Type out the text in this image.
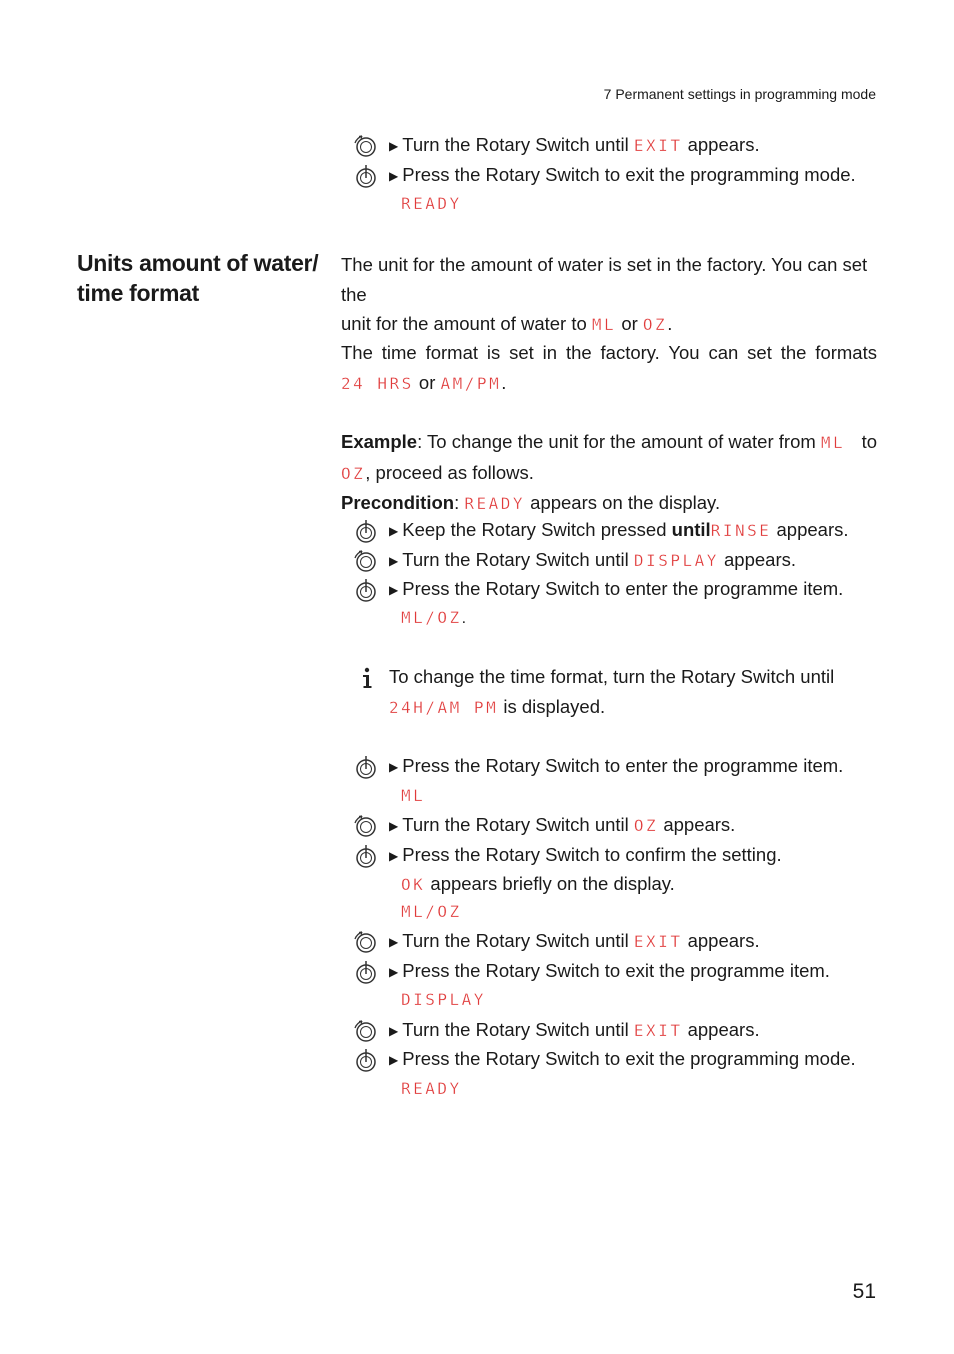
7 Permanent settings in programming mode
Units amount of water/
time format
▶ Turn the Rotary Switch until EXIT appears.
▶ Press the Rotary Switch to exit the programming mode.
READY
The unit for the amount of water is set in the factory. You can set the
unit for the amount of water to ML or OZ.
The time format is set in the factory. You can set the formats
24 HRS or AM/PM.
Example: To change the unit for the amount of water from ML to
OZ, proceed as follows.
Precondition: READY appears on the display.
▶ Keep the Rotary Switch pressed untilRINSE appears.
▶ Turn the Rotary Switch until DISPLAY appears.
▶ Press the Rotary Switch to enter the programme item.
ML/OZ.
To change the time format, turn the Rotary Switch until
24H/AM PM is displayed.
▶ Press the Rotary Switch to enter the programme item.
ML
▶ Turn the Rotary Switch until OZ appears.
▶ Press the Rotary Switch to confirm the setting.
OK appears briefly on the display.
ML/OZ
▶ Turn the Rotary Switch until EXIT appears.
▶ Press the Rotary Switch to exit the programme item.
DISPLAY
▶ Turn the Rotary Switch until EXIT appears.
▶ Press the Rotary Switch to exit the programming mode.
READY
51
